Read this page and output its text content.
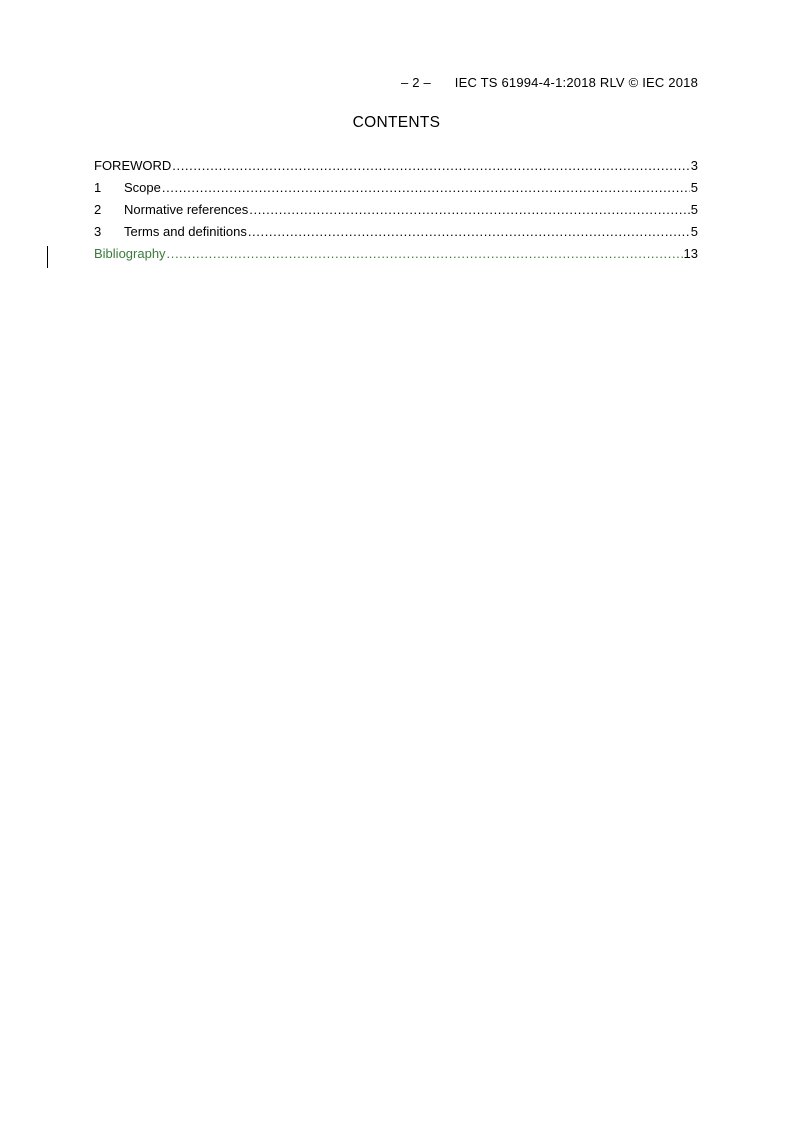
– 2 – IEC TS 61994-4-1:2018 RLV © IEC 2018
CONTENTS
FOREWORD .....	3
1	Scope .....	5
2	Normative references .....	5
3	Terms and definitions .....	5
Bibliography .....	13
